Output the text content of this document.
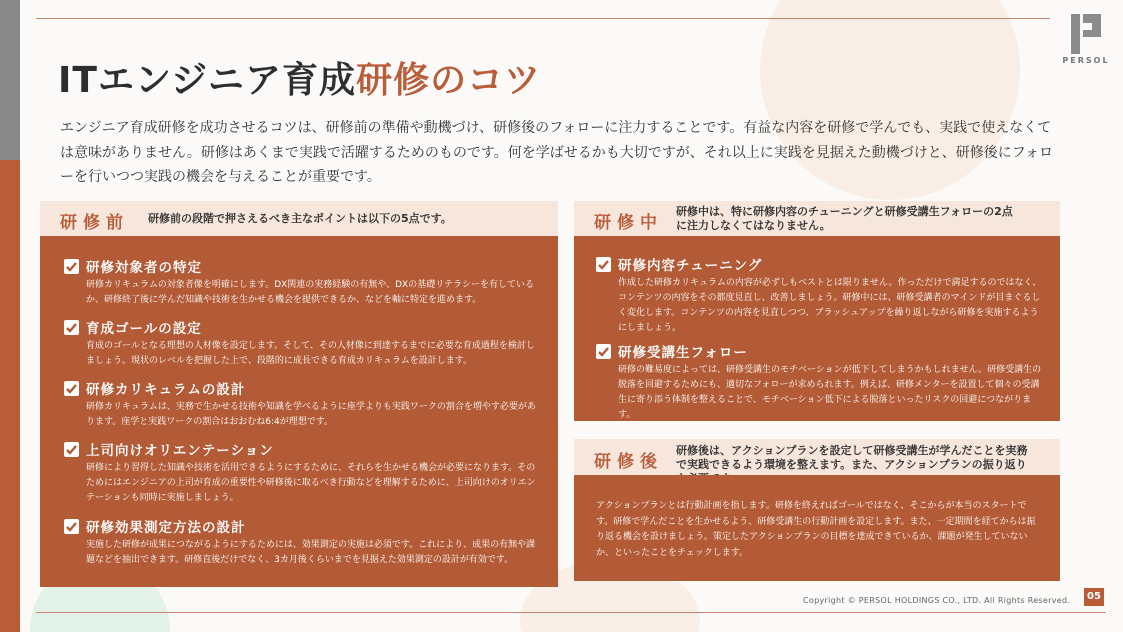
PERSOL
ITエンジニア育成研修のコツ
エンジニア育成研修を成功させるコツは、研修前の準備や動機づけ、研修後のフォローに注力することです。有益な内容を研修で学んでも、実践で使えなくては意味がありません。研修はあくまで実践で活躍するためのものです。何を学ばせるかも大切ですが、それ以上に実践を見据えた動機づけと、研修後にフォローを行いつつ実践の機会を与えることが重要です。
研修前 研修前の段階で押さえるべき主なポイントは以下の5点です。
研修対象者の特定
研修カリキュラムの対象者像を明確にします。DX関連の実務経験の有無や、DXの基礎リテラシーを有しているか、研修終了後に学んだ知識や技術を生かせる機会を提供できるか、などを軸に特定を進めます。
育成ゴールの設定
育成のゴールとなる理想の人材像を設定します。そして、その人材像に到達するまでに必要な育成過程を検討しましょう。現状のレベルを把握した上で、段階的に成長できる育成カリキュラムを設計します。
研修カリキュラムの設計
研修カリキュラムは、実務で生かせる技術や知識を学べるように座学よりも実践ワークの割合を増やす必要があります。座学と実践ワークの割合はおおむね6:4が理想です。
上司向けオリエンテーション
研修により習得した知識や技術を活用できるようにするために、それらを生かせる機会が必要になります。そのためにはエンジニアの上司が育成の重要性や研修後に取るべき行動などを理解するために、上司向けのオリエンテーションも同時に実施しましょう。
研修効果測定方法の設計
実施した研修が成果につながるようにするためには、効果測定の実施は必須です。これにより、成果の有無や課題などを抽出できます。研修直後だけでなく、3カ月後くらいまでを見据えた効果測定の設計が有効です。
研修中
研修中は、特に研修内容のチューニングと研修受講生フォローの2点に注力しなくてはなりません。
研修内容チューニング
作成した研修カリキュラムの内容が必ずしもベストとは限りません。作っただけで満足するのではなく、コンテンツの内容をその都度見直し、改善しましょう。研修中には、研修受講者のマインドが目まぐるしく変化します。コンテンツの内容を見直しつつ、ブラッシュアップを繰り返しながら研修を実施するようにしましょう。
研修受講生フォロー
研修の難易度によっては、研修受講生のモチベーションが低下してしまうかもしれません。研修受講生の脱落を回避するためにも、適切なフォローが求められます。例えば、研修メンターを設置して個々の受講生に寄り添う体制を整えることで、モチベーション低下による脱落といったリスクの回避につながります。
研修後
研修後は、アクションプランを設定して研修受講生が学んだことを実務で実践できるよう環境を整えます。また、アクションプランの振り返り
アクションプランとは行動計画を指します。研修を終えればゴールではなく、そこからが本当のスタートです。研修で学んだことを生かせるよう、研修受講生の行動計画を設定します。また、一定期間を経てからは振り返る機会を設けましょう。策定したアクションプランの目標を達成できているか、課題が発生していないか、といったことをチェックします。
Copyright © PERSOL HOLDINGS CO., LTD. All Rights Reserved.	05
